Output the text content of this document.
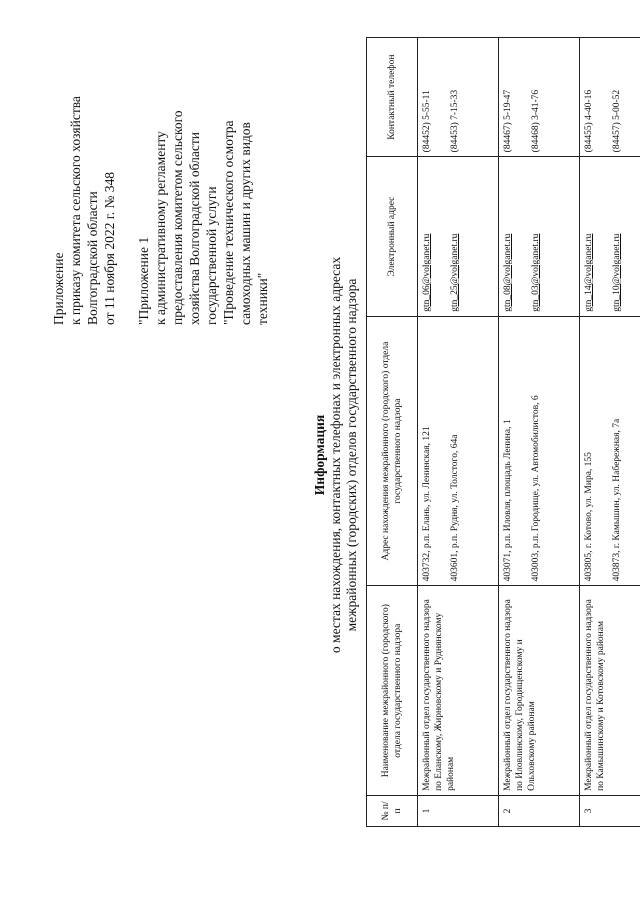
Приложение к приказу комитета сельского хозяйства Волгоградской области от 11 ноября 2022 г. № 348 "Приложение 1 к административному регламенту предоставления комитетом сельского хозяйства Волгоградской области государственной услуги "Проведение технического осмотра самоходных машин и других видов техники"
Информация о местах нахождения, контактных телефонах и электронных адресах межрайонных (городских) отделов государственного надзора
№ п/п	Наименование межрайонного (городского) отдела государственного надзора	Адрес нахождения межрайонного (городского) отдела государственного надзора	Электронный адрес	Контактный телефон
1	Межрайонный отдел государственного надзора по Еланскому, Жирновскому и Руднянскому районам	403732, р.п. Елань, ул. Ленинская, 121 403601, р.п. Рудня, ул. Толстого, 64а	gtn_06@volganet.ru gtn_25@volganet.ru	(84452) 5-55-11 (84453) 7-15-33

2	Межрайонный отдел государственного надзора по Иловлинскому, Городищенскому и Ольховскому районам	403071, р.п. Иловля, площадь Ленина, 1 403003, р.п. Городище, ул. Автомобилистов, 6	gtn_08@volganet.ru gtn_03@volganet.ru	(84467) 5-19-47 (84468) 3-41-76

3	Межрайонный отдел государственного надзора по Камышинскому и Котовскому районам	403805, г. Котово, ул. Мира, 155 403873, г. Камышин, ул. Набережная, 7а	gtn_14@volganet.ru gtn_10@volganet.ru	(84455) 4-40-16 (84457) 5-00-52
